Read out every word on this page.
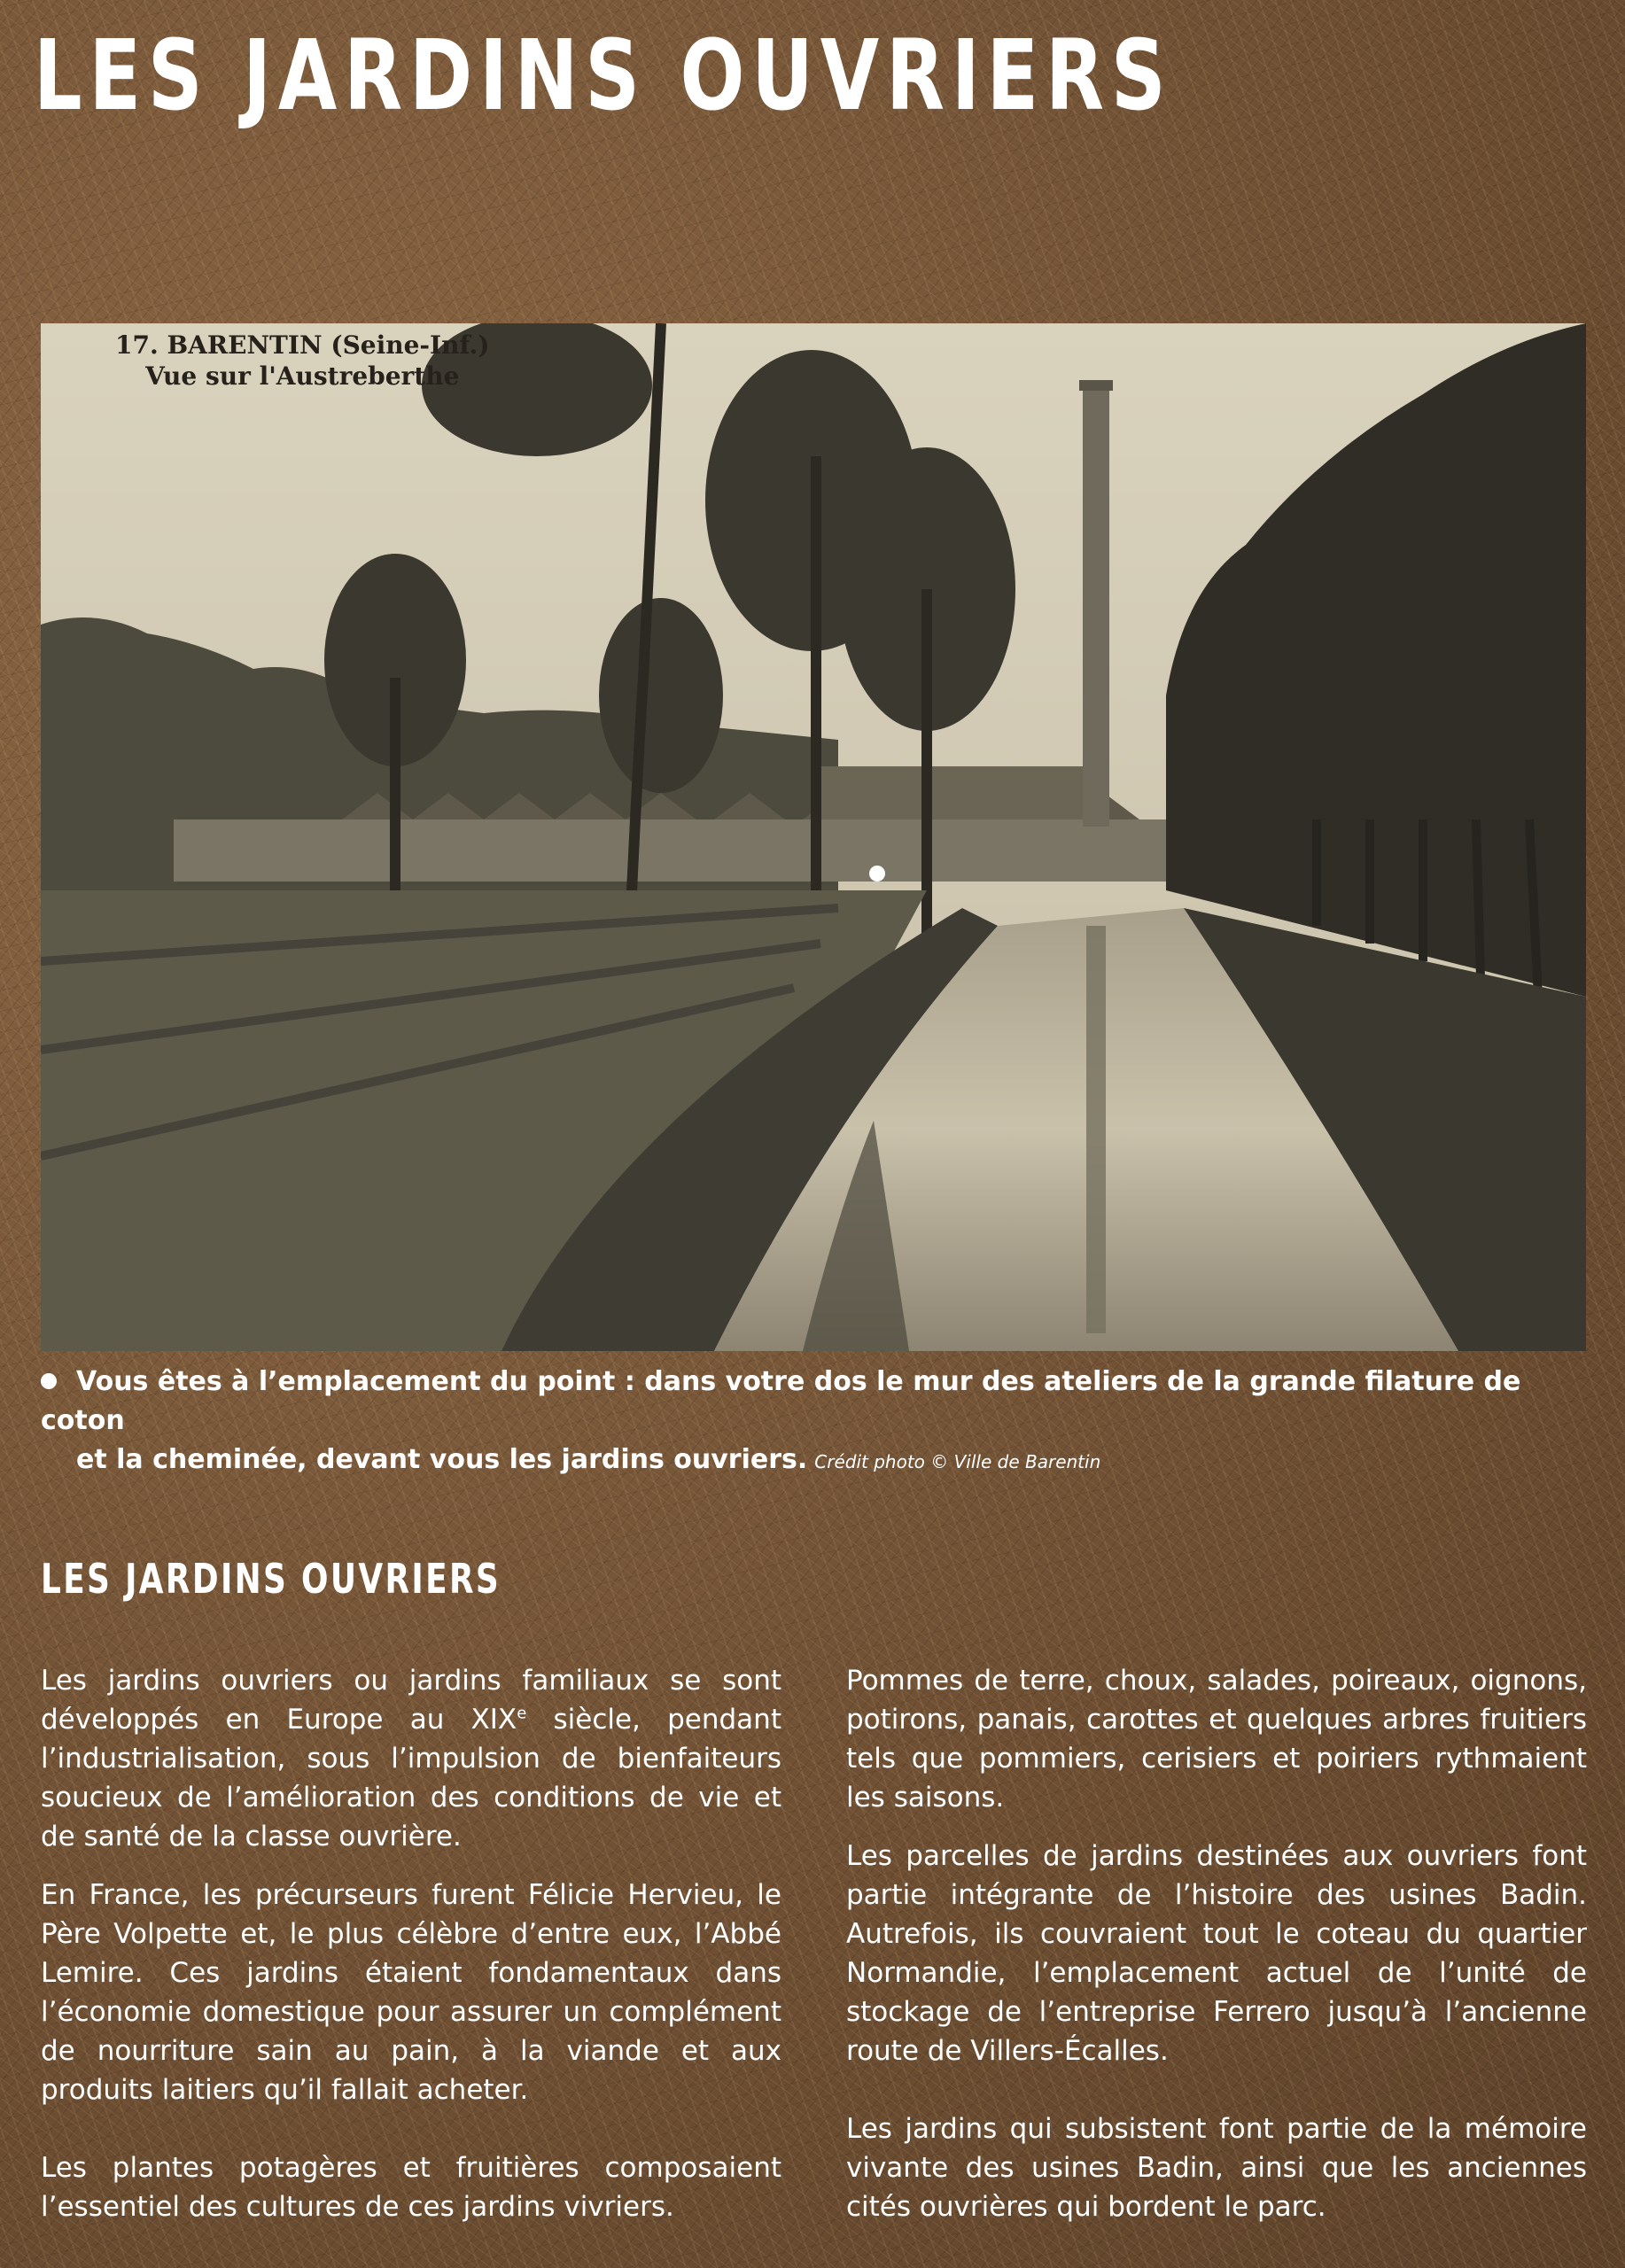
LES JARDINS OUVRIERS
17. BARENTIN (Seine-Inf.)
Vue sur l'Austreberthe
Vous êtes à l’emplacement du point : dans votre dos le mur des ateliers de la grande filature de coton
et la cheminée, devant vous les jardins ouvriers. Crédit photo © Ville de Barentin
LES JARDINS OUVRIERS

Les jardins ouvriers ou jardins familiaux se sont développés en Europe au XIXe siècle, pendant l’industrialisation, sous l’impulsion de bienfaiteurs soucieux de l’amélioration des conditions de vie et de santé de la classe ouvrière.

En France, les précurseurs furent Félicie Hervieu, le Père Volpette et, le plus célèbre d’entre eux, l’Abbé Lemire. Ces jardins étaient fondamentaux dans l’économie domestique pour assurer un complément de nourriture sain au pain, à la viande et aux produits laitiers qu’il fallait acheter.

Les plantes potagères et fruitières composaient l’essentiel des cultures de ces jardins vivriers.

Pommes de terre, choux, salades, poireaux, oignons, potirons, panais, carottes et quelques arbres fruitiers tels que pommiers, cerisiers et poiriers rythmaient les saisons.

Les parcelles de jardins destinées aux ouvriers font partie intégrante de l’histoire des usines Badin. Autrefois, ils couvraient tout le coteau du quartier Normandie, l’emplacement actuel de l’unité de stockage de l’entreprise Ferrero jusqu’à l’ancienne route de Villers-Écalles.

Les jardins qui subsistent font partie de la mémoire vivante des usines Badin, ainsi que les anciennes cités ouvrières qui bordent le parc.
